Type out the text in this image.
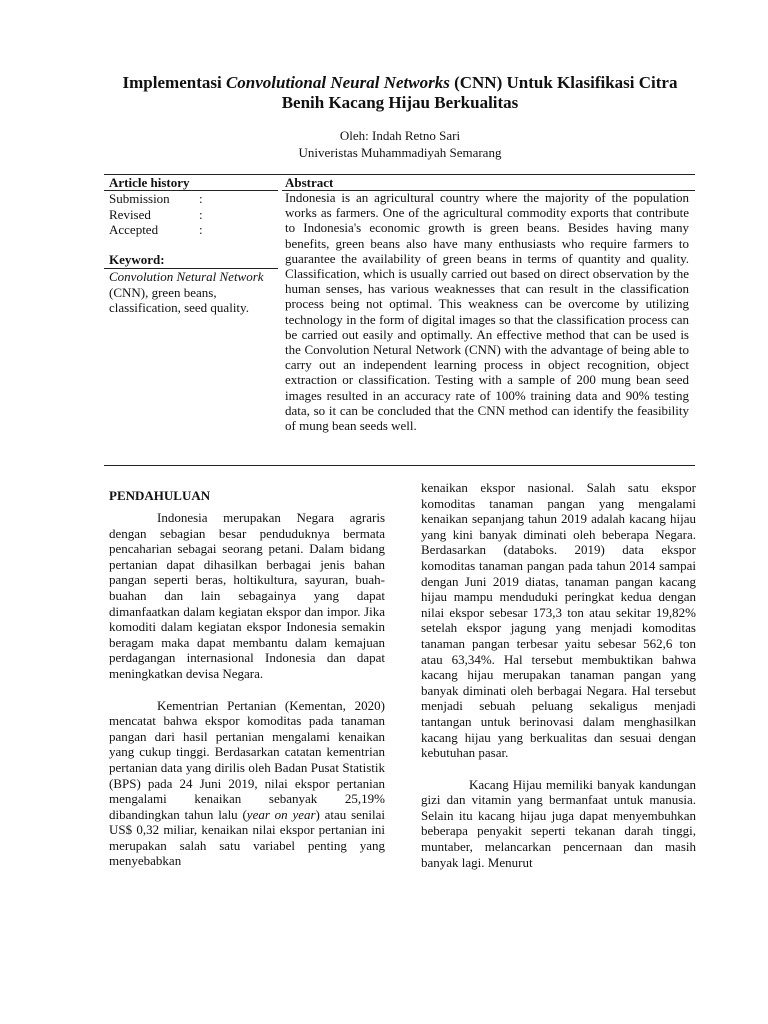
Implementasi Convolutional Neural Networks (CNN) Untuk Klasifikasi Citra Benih Kacang Hijau Berkualitas
Oleh: Indah Retno Sari
Univeristas Muhammadiyah Semarang
Article history	Abstract
Submission :
Revised	:
Accepted	:
Keyword:
Convolution Netural Network (CNN), green beans, classification, seed quality.
Indonesia is an agricultural country where the majority of the population works as farmers. One of the agricultural commodity exports that contribute to Indonesia's economic growth is green beans. Besides having many benefits, green beans also have many enthusiasts who require farmers to guarantee the availability of green beans in terms of quantity and quality. Classification, which is usually carried out based on direct observation by the human senses, has various weaknesses that can result in the classification process being not optimal. This weakness can be overcome by utilizing technology in the form of digital images so that the classification process can be carried out easily and optimally. An effective method that can be used is the Convolution Netural Network (CNN) with the advantage of being able to carry out an independent learning process in object recognition, object extraction or classification. Testing with a sample of 200 mung bean seed images resulted in an accuracy rate of 100% training data and 90% testing data, so it can be concluded that the CNN method can identify the feasibility of mung bean seeds well.
PENDAHULUAN

Indonesia merupakan Negara agraris dengan sebagian besar penduduknya bermata pencaharian sebagai seorang petani. Dalam bidang pertanian dapat dihasilkan berbagai jenis bahan pangan seperti beras, holtikultura, sayuran, buah-buahan dan lain sebagainya yang dapat dimanfaatkan dalam kegiatan ekspor dan impor. Jika komoditi dalam kegiatan ekspor Indonesia semakin beragam maka dapat membantu dalam kemajuan perdagangan internasional Indonesia dan dapat meningkatkan devisa Negara.

Kementrian Pertanian (Kementan, 2020) mencatat bahwa ekspor komoditas pada tanaman pangan dari hasil pertanian mengalami kenaikan yang cukup tinggi. Berdasarkan catatan kementrian pertanian data yang dirilis oleh Badan Pusat Statistik (BPS) pada 24 Juni 2019, nilai ekspor pertanian mengalami kenaikan sebanyak 25,19% dibandingkan tahun lalu (year on year) atau senilai US$ 0,32 miliar, kenaikan nilai ekspor pertanian ini merupakan salah satu variabel penting yang menyebabkan

kenaikan ekspor nasional. Salah satu ekspor komoditas tanaman pangan yang mengalami kenaikan sepanjang tahun 2019 adalah kacang hijau yang kini banyak diminati oleh beberapa Negara. Berdasarkan (databoks. 2019) data ekspor komoditas tanaman pangan pada tahun 2014 sampai dengan Juni 2019 diatas, tanaman pangan kacang hijau mampu menduduki peringkat kedua dengan nilai ekspor sebesar 173,3 ton atau sekitar 19,82% setelah ekspor jagung yang menjadi komoditas tanaman pangan terbesar yaitu sebesar 562,6 ton atau 63,34%. Hal tersebut membuktikan bahwa kacang hijau merupakan tanaman pangan yang banyak diminati oleh berbagai Negara. Hal tersebut menjadi sebuah peluang sekaligus menjadi tantangan untuk berinovasi dalam menghasilkan kacang hijau yang berkualitas dan sesuai dengan kebutuhan pasar.

Kacang Hijau memiliki banyak kandungan gizi dan vitamin yang bermanfaat untuk manusia. Selain itu kacang hijau juga dapat menyembuhkan beberapa penyakit seperti tekanan darah tinggi, muntaber, melancarkan pencernaan dan masih banyak lagi. Menurut
